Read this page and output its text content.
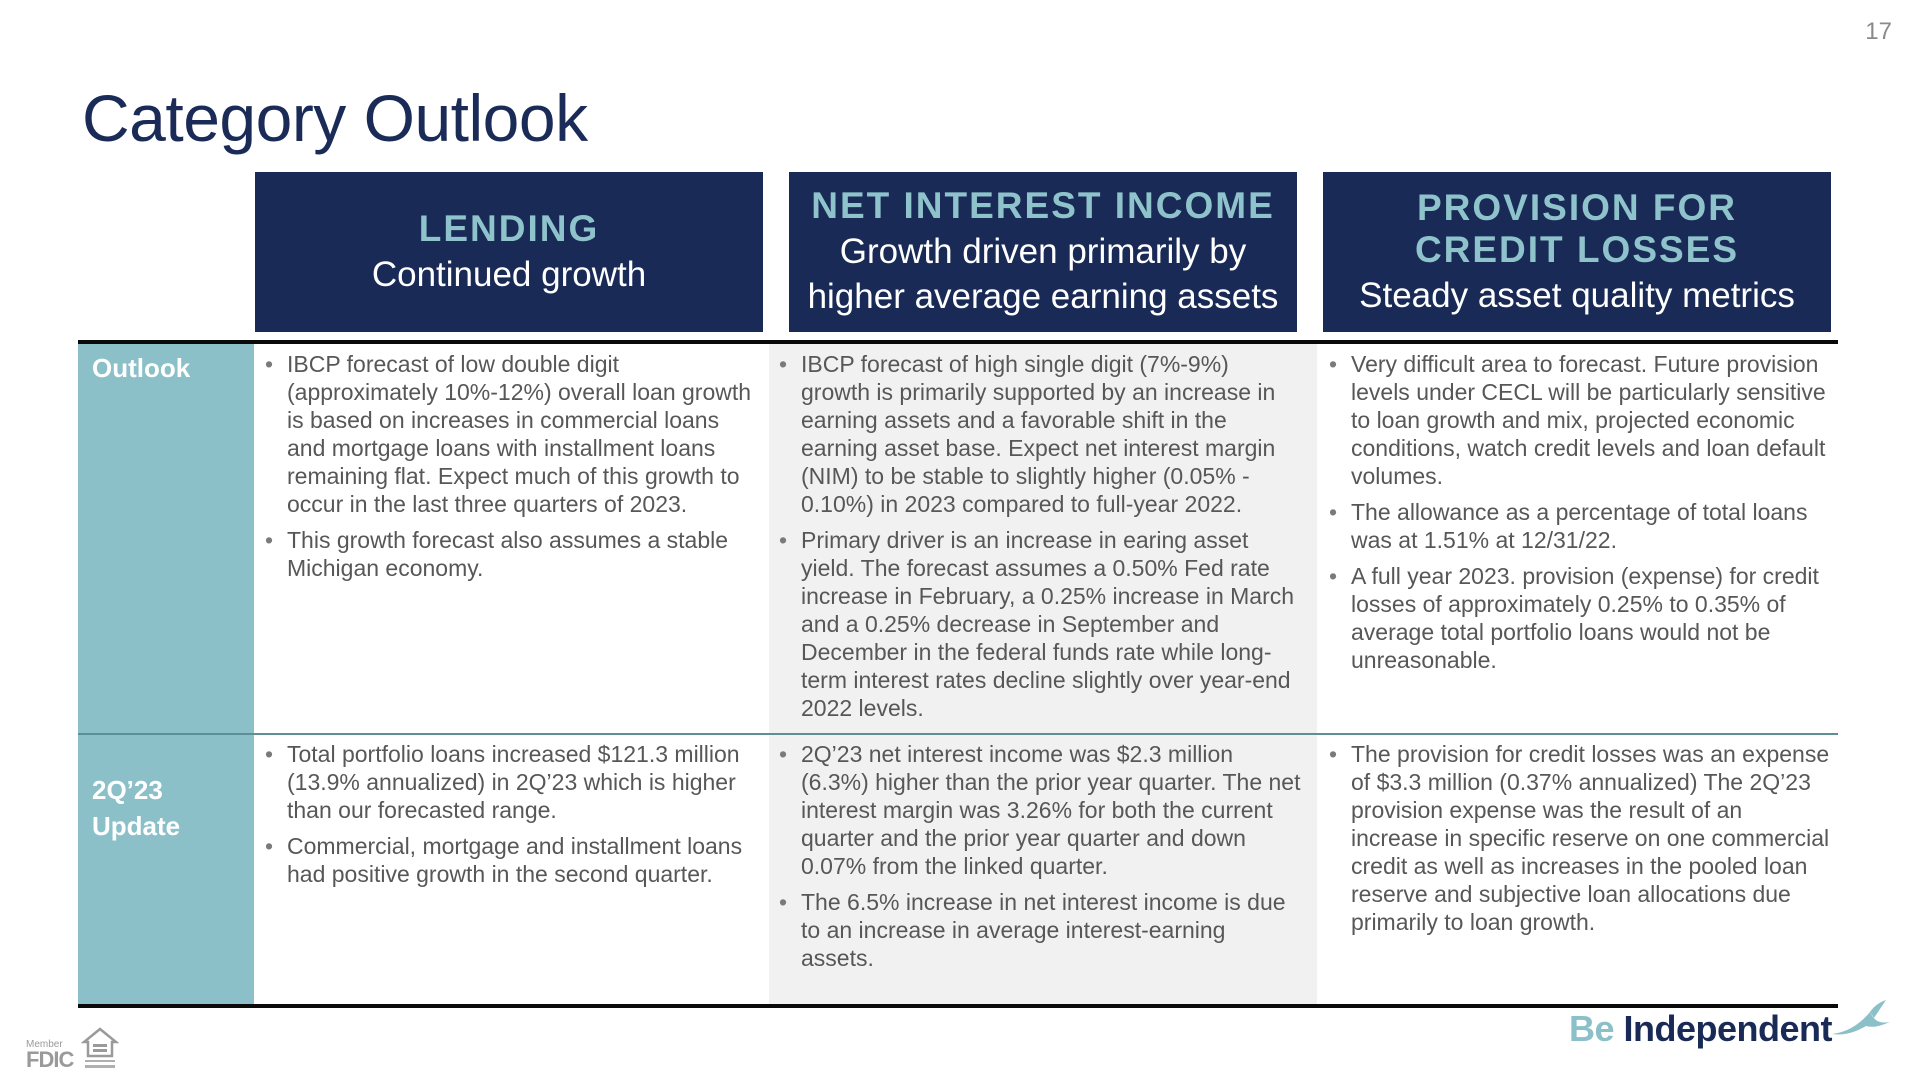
17
Category Outlook
LENDING
Continued growth
NET INTEREST INCOME
Growth driven primarily by higher average earning assets
PROVISION FOR
CREDIT LOSSES
Steady asset quality metrics
Outlook
2Q’23 Update
• IBCP forecast of low double digit (approximately 10%-12%) overall loan growth is based on increases in commercial loans and mortgage loans with installment loans remaining flat. Expect much of this growth to occur in the last three quarters of 2023.
• This growth forecast also assumes a stable Michigan economy.
• IBCP forecast of high single digit (7%-9%) growth is primarily supported by an increase in earning assets and a favorable shift in the earning asset base. Expect net interest margin (NIM) to be stable to slightly higher (0.05% - 0.10%) in 2023 compared to full-year 2022.
• Primary driver is an increase in earing asset yield. The forecast assumes a 0.50% Fed rate increase in February, a 0.25% increase in March and a 0.25% decrease in September and December in the federal funds rate while long-term interest rates decline slightly over year-end 2022 levels.
• Very difficult area to forecast. Future provision levels under CECL will be particularly sensitive to loan growth and mix, projected economic conditions, watch credit levels and loan default volumes.
• The allowance as a percentage of total loans was at 1.51% at 12/31/22.
• A full year 2023. provision (expense) for credit losses of approximately 0.25% to 0.35% of average total portfolio loans would not be unreasonable.
• Total portfolio loans increased $121.3 million (13.9% annualized) in 2Q’23 which is higher than our forecasted range.
• Commercial, mortgage and installment loans had positive growth in the second quarter.
• 2Q’23 net interest income was $2.3 million (6.3%) higher than the prior year quarter. The net interest margin was 3.26% for both the current quarter and the prior year quarter and down 0.07% from the linked quarter.
• The 6.5% increase in net interest income is due to an increase in average interest-earning assets.
• The provision for credit losses was an expense of $3.3 million (0.37% annualized) The 2Q’23 provision expense was the result of an increase in specific reserve on one commercial credit as well as increases in the pooled loan reserve and subjective loan allocations due primarily to loan growth.
Member
FDIC
Be Independent
